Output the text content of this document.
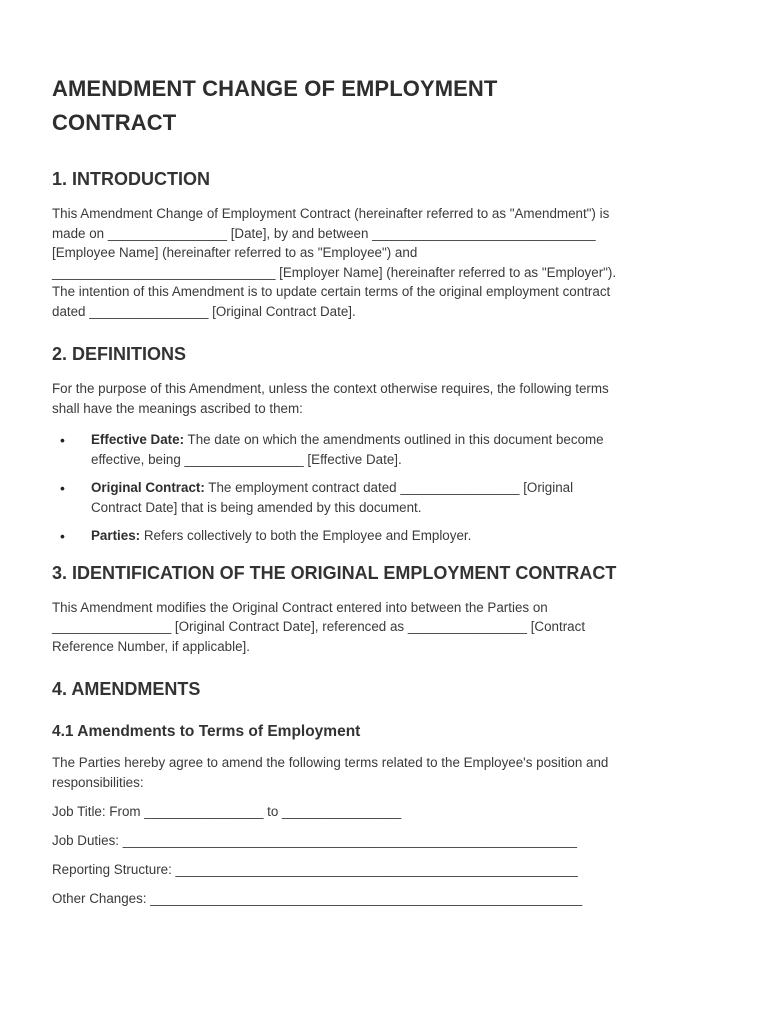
AMENDMENT CHANGE OF EMPLOYMENT
CONTRACT
1. INTRODUCTION

This Amendment Change of Employment Contract (hereinafter referred to as "Amendment") is
made on ________________ [Date], by and between ______________________________
[Employee Name] (hereinafter referred to as "Employee") and
______________________________ [Employer Name] (hereinafter referred to as "Employer").
The intention of this Amendment is to update certain terms of the original employment contract
dated ________________ [Original Contract Date].

2. DEFINITIONS

For the purpose of this Amendment, unless the context otherwise requires, the following terms
shall have the meanings ascribed to them:

• Effective Date: The date on which the amendments outlined in this document become
effective, being ________________ [Effective Date].
• Original Contract: The employment contract dated ________________ [Original
Contract Date] that is being amended by this document.
• Parties: Refers collectively to both the Employee and Employer.
3. IDENTIFICATION OF THE ORIGINAL EMPLOYMENT CONTRACT

This Amendment modifies the Original Contract entered into between the Parties on
________________ [Original Contract Date], referenced as ________________ [Contract
Reference Number, if applicable].

4. AMENDMENTS
4.1 Amendments to Terms of Employment

The Parties hereby agree to amend the following terms related to the Employee's position and
responsibilities:

Job Title: From ________________ to ________________
Job Duties: _____________________________________________________________
Reporting Structure: ______________________________________________________
Other Changes: __________________________________________________________
